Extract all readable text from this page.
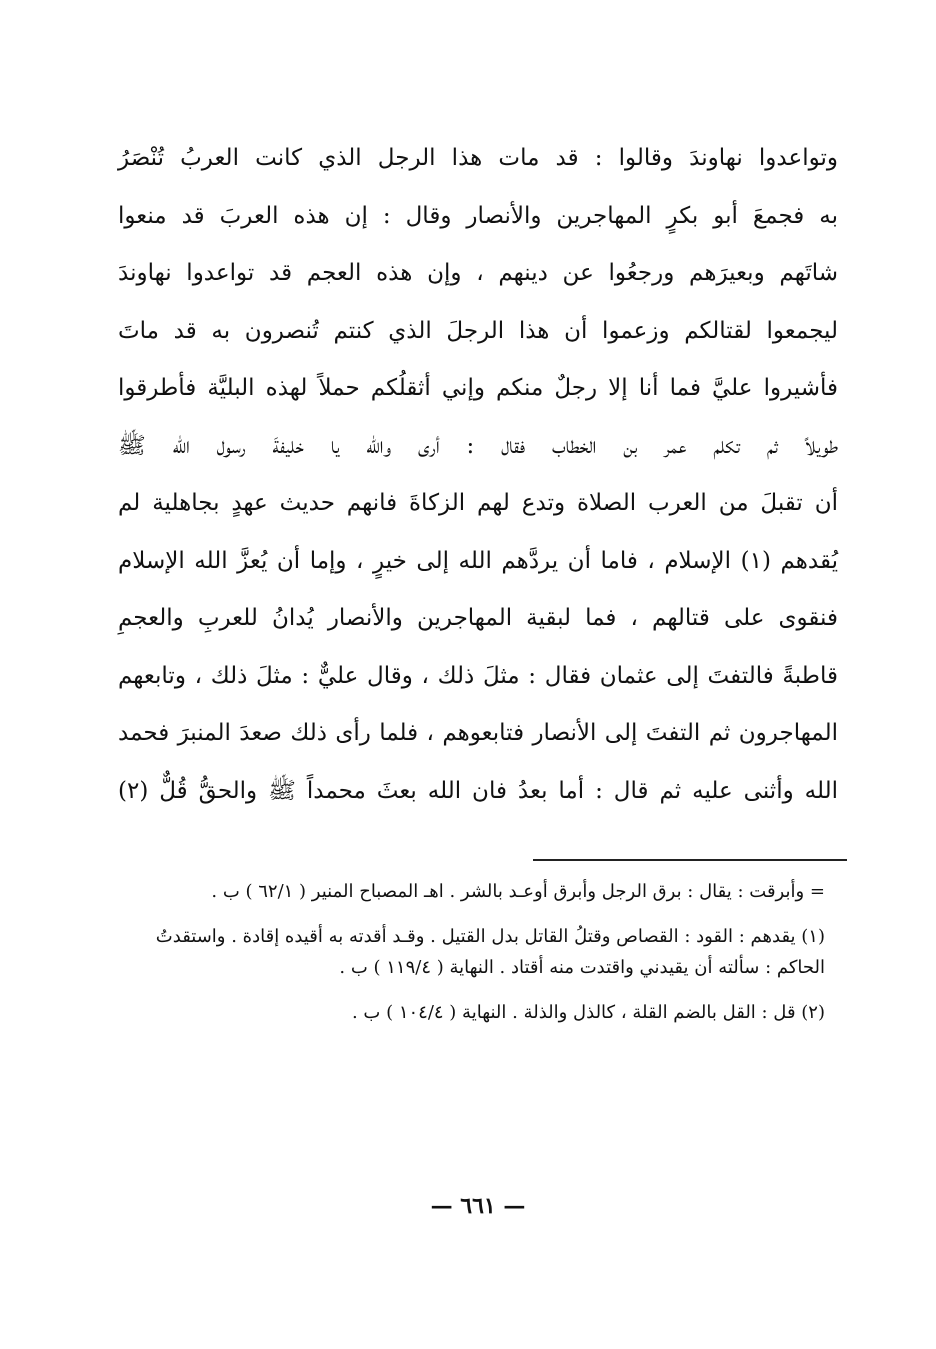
وتواعدوا نهاوندَ وقالوا : قد مات هذا الرجل الذي كانت العربُ تُنْصَرُ
به فجمعَ أبو بكرٍ المهاجرين والأنصار وقال : إن هذه العربَ قد منعوا
شاتَهم وبعيرَهم ورجعُوا عن دينهم ، وإن هذه العجم قد تواعدوا نهاوندَ
ليجمعوا لقتالكم وزعموا أن هذا الرجلَ الذي كنتم تُنصرون به قد ماتَ
فأشيروا عليَّ فما أنا إلا رجلٌ منكم وإني أثقلُكم حملاً لهذه البليَّة فأطرقوا
طويلاً ثم تكلم عمر بن الخطاب فقال : أرى والله يا خليفةَ رسول الله ﷺ
أن تقبلَ من العرب الصلاة وتدع لهم الزكاةَ فانهم حديث عهدٍ بجاهلية لم
يُقدهم (١) الإسلام ، فاما أن يردَّهم الله إلى خيرٍ ، وإما أن يُعزَّ الله الإسلام
فنقوى على قتالهم ، فما لبقية المهاجرين والأنصار يُدانُ للعربِ والعجمِ
قاطبةً فالتفتَ إلى عثمان فقال : مثلَ ذلك ، وقال عليٌّ : مثلَ ذلك ، وتابعهم
المهاجرون ثم التفتَ إلى الأنصار فتابعوهم ، فلما رأى ذلك صعدَ المنبرَ فحمد
الله وأثنى عليه ثم قال : أما بعدُ فان الله بعثَ محمداً ﷺ والحقُّ قُلٌّ (٢)
= وأبرقت : يقال : برق الرجل وأبرق أوعـد بالشر . اهـ المصباح المنير ( ٦٢/١ ) ب .
(١) يقدهم : القود : القصاص وقتلُ القاتل بدل القتيل . وقـد أقدته به أقيده إقادة . واستقدتُ الحاكم : سألته أن يقيدني واقتدت منه أقتاد . النهاية ( ١١٩/٤ ) ب .
(٢) قل : القل بالضم القلة ، كالذل والذلة . النهاية ( ١٠٤/٤ ) ب .
— ٦٦١ —
